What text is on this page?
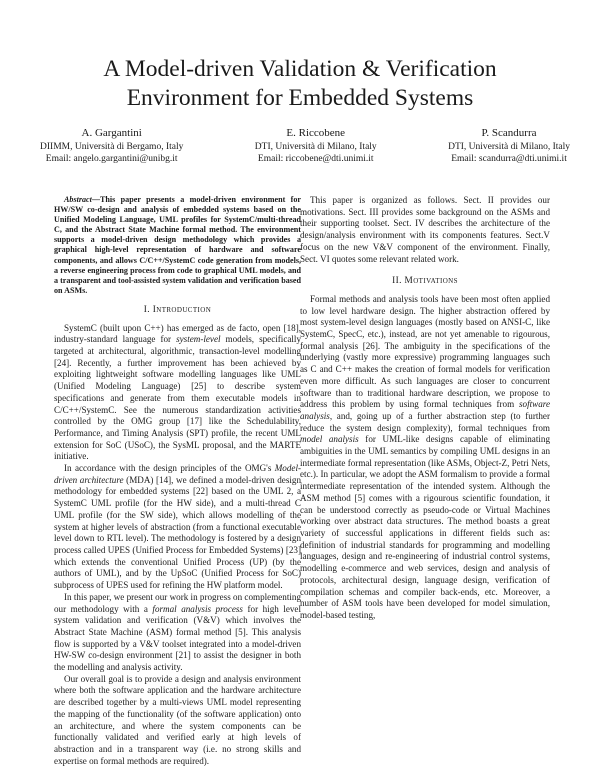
A Model-driven Validation & Verification Environment for Embedded Systems
A. Gargantini
DIIMM, Università di Bergamo, Italy
Email: angelo.gargantini@unibg.it
E. Riccobene
DTI, Università di Milano, Italy
Email: riccobene@dti.unimi.it
P. Scandurra
DTI, Università di Milano, Italy
Email: scandurra@dti.unimi.it

Abstract—This paper presents a model-driven environment for HW/SW co-design and analysis of embedded systems based on the Unified Modeling Language, UML profiles for SystemC/multi-thread C, and the Abstract State Machine formal method. The environment supports a model-driven design methodology which provides a graphical high-level representation of hardware and software components, and allows C/C++/SystemC code generation from models, a reverse engineering process from code to graphical UML models, and a transparent and tool-assisted system validation and verification based on ASMs.

I. Introduction

SystemC (built upon C++) has emerged as de facto, open [18], industry-standard language for system-level models, specifically targeted at architectural, algorithmic, transaction-level modelling [24]. Recently, a further improvement has been achieved by exploiting lightweight software modelling languages like UML (Unified Modeling Language) [25] to describe system specifications and generate from them executable models in C/C++/SystemC. See the numerous standardization activities controlled by the OMG group [17] like the Schedulability, Performance, and Timing Analysis (SPT) profile, the recent UML extension for SoC (USoC), the SysML proposal, and the MARTE initiative.

In accordance with the design principles of the OMG's Model-driven architecture (MDA) [14], we defined a model-driven design methodology for embedded systems [22] based on the UML 2, a SystemC UML profile (for the HW side), and a multi-thread C UML profile (for the SW side), which allows modelling of the system at higher levels of abstraction (from a functional executable level down to RTL level). The methodology is fostered by a design process called UPES (Unified Process for Embedded Systems) [23] which extends the conventional Unified Process (UP) (by the authors of UML), and by the UpSoC (Unified Process for SoC) subprocess of UPES used for refining the HW platform model.

In this paper, we present our work in progress on complementing our methodology with a formal analysis process for high level system validation and verification (V&V) which involves the Abstract State Machine (ASM) formal method [5]. This analysis flow is supported by a V&V toolset integrated into a model-driven HW-SW co-design environment [21] to assist the designer in both the modelling and analysis activity.

Our overall goal is to provide a design and analysis environment where both the software application and the hardware architecture are described together by a multi-views UML model representing the mapping of the functionality (of the software application) onto an architecture, and where the system components can be functionally validated and verified early at high levels of abstraction and in a transparent way (i.e. no strong skills and expertise on formal methods are required).

This paper is organized as follows. Sect. II provides our motivations. Sect. III provides some background on the ASMs and their supporting toolset. Sect. IV describes the architecture of the design/analysis environment with its components features. Sect.V focus on the new V&V component of the environment. Finally, Sect. VI quotes some relevant related work.

II. Motivations

Formal methods and analysis tools have been most often applied to low level hardware design. The higher abstraction offered by most system-level design languages (mostly based on ANSI-C, like SystemC, SpecC, etc.), instead, are not yet amenable to rigourous, formal analysis [26]. The ambiguity in the specifications of the underlying (vastly more expressive) programming languages such as C and C++ makes the creation of formal models for verification even more difficult. As such languages are closer to concurrent software than to traditional hardware description, we propose to address this problem by using formal techniques from software analysis, and, going up of a further abstraction step (to further reduce the system design complexity), formal techniques from model analysis for UML-like designs capable of eliminating ambiguities in the UML semantics by compiling UML designs in an intermediate formal representation (like ASMs, Object-Z, Petri Nets, etc.). In particular, we adopt the ASM formalism to provide a formal intermediate representation of the intended system. Although the ASM method [5] comes with a rigourous scientific foundation, it can be understood correctly as pseudo-code or Virtual Machines working over abstract data structures. The method boasts a great variety of successful applications in different fields such as: definition of industrial standards for programming and modelling languages, design and re-engineering of industrial control systems, modelling e-commerce and web services, design and analysis of protocols, architectural design, language design, verification of compilation schemas and compiler back-ends, etc. Moreover, a number of ASM tools have been developed for model simulation, model-based testing,
